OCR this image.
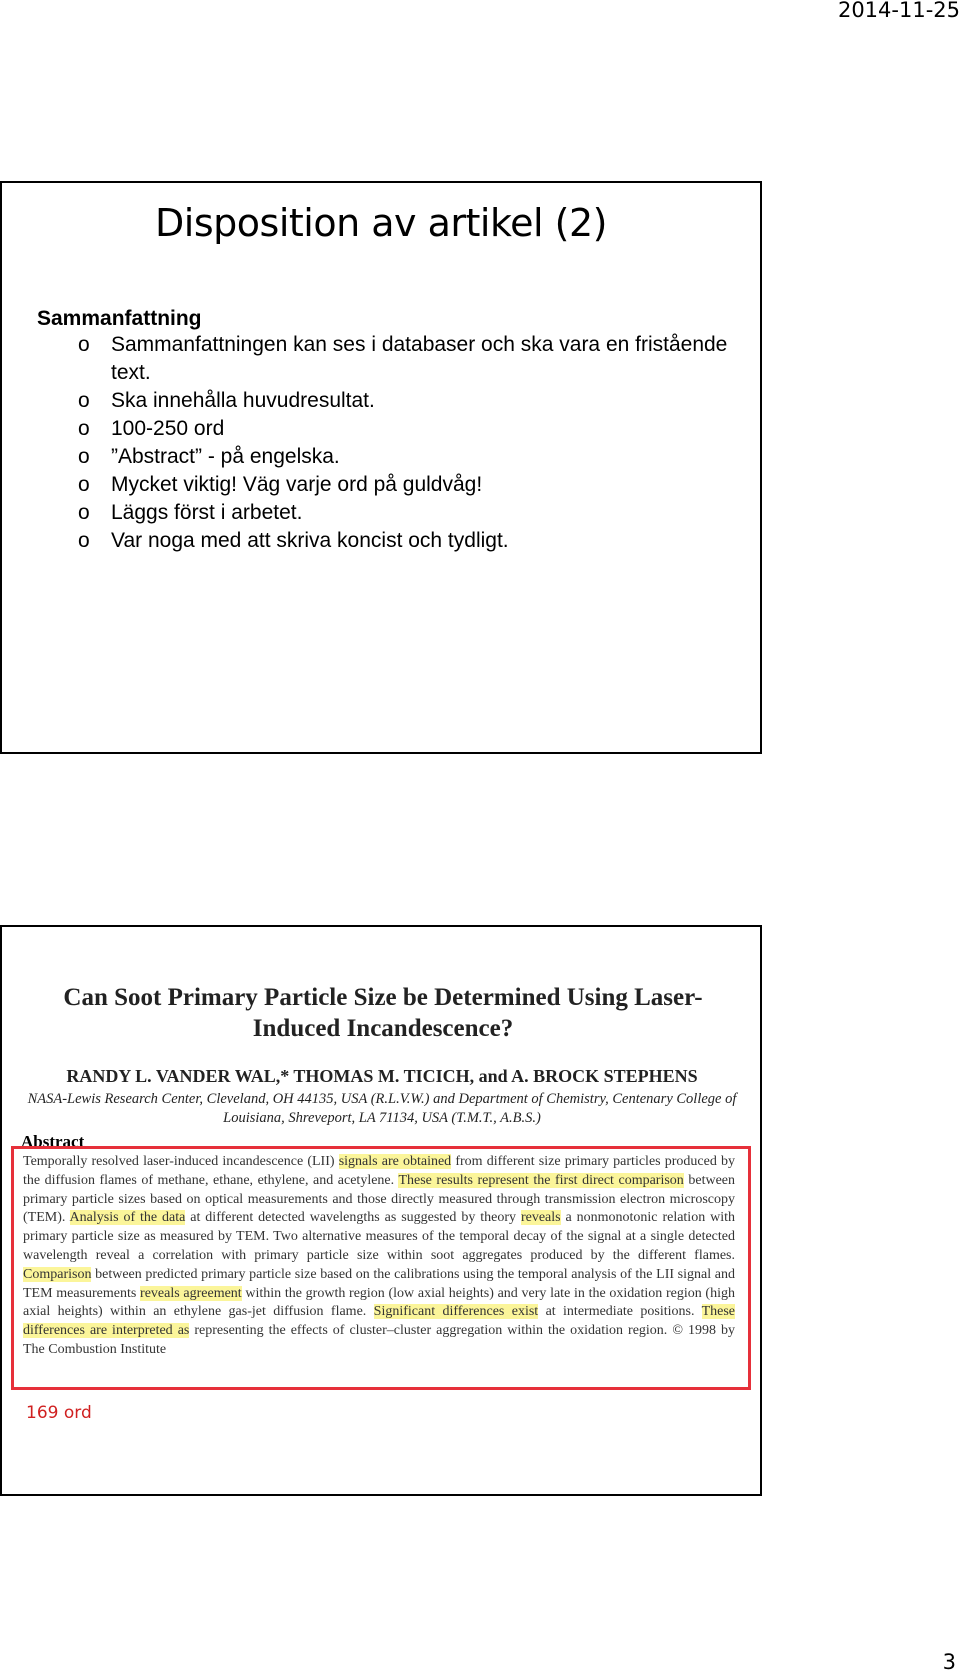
2014-11-25
Disposition av artikel (2)
Sammanfattning
o Sammanfattningen kan ses i databaser och ska vara en fristående text.
o Ska innehålla huvudresultat.
o 100-250 ord
o ”Abstract” - på engelska.
o Mycket viktig! Väg varje ord på guldvåg!
o Läggs först i arbetet.
o Var noga med att skriva koncist och tydligt.
Can Soot Primary Particle Size be Determined Using Laser-Induced Incandescence?
RANDY L. VANDER WAL,* THOMAS M. TICICH, and A. BROCK STEPHENS
NASA-Lewis Research Center, Cleveland, OH 44135, USA (R.L.V.W.) and Department of Chemistry, Centenary College of Louisiana, Shreveport, LA 71134, USA (T.M.T., A.B.S.)
Abstract
Temporally resolved laser-induced incandescence (LII) signals are obtained from different size primary particles produced by the diffusion flames of methane, ethane, ethylene, and acetylene. These results represent the first direct comparison between primary particle sizes based on optical measurements and those directly measured through transmission electron microscopy (TEM). Analysis of the data at different detected wavelengths as suggested by theory reveals a nonmonotonic relation with primary particle size as measured by TEM. Two alternative measures of the temporal decay of the signal at a single detected wavelength reveal a correlation with primary particle size within soot aggregates produced by the different flames. Comparison between predicted primary particle size based on the calibrations using the temporal analysis of the LII signal and TEM measurements reveals agreement within the growth region (low axial heights) and very late in the oxidation region (high axial heights) within an ethylene gas-jet diffusion flame. Significant differences exist at intermediate positions. These differences are interpreted as representing the effects of cluster–cluster aggregation within the oxidation region. © 1998 by The Combustion Institute
169 ord
3
